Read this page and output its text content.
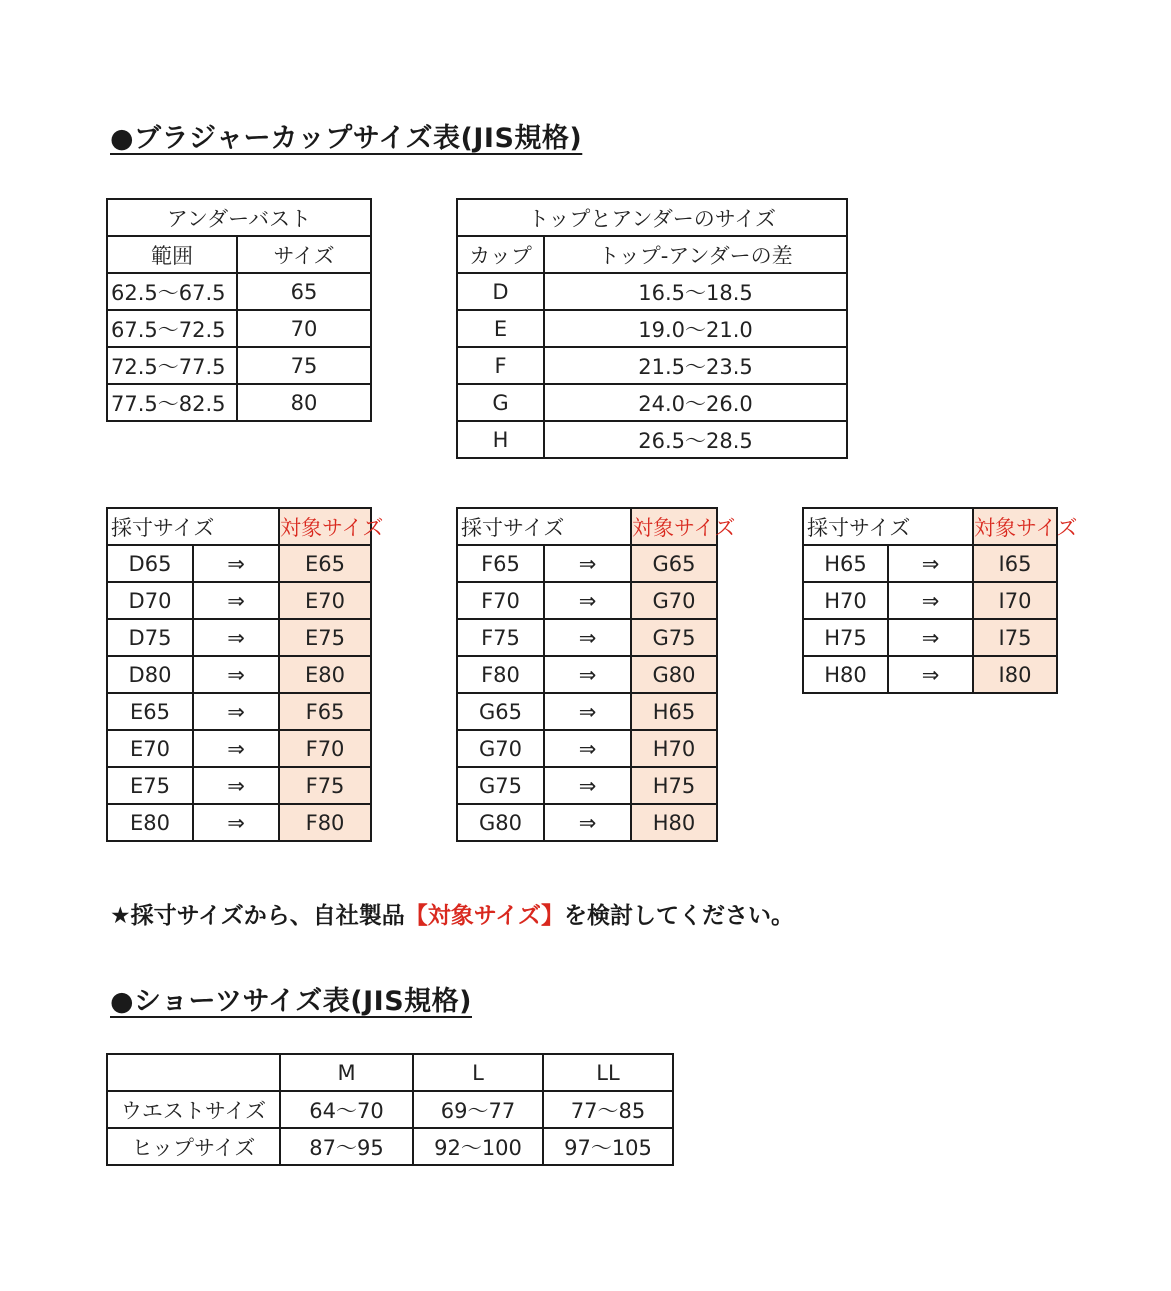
●ブラジャーカップサイズ表(JIS規格)
アンダーバスト	
範囲	サイズ
62.5〜67.5	65
67.5〜72.5	70
72.5〜77.5	75
77.5〜82.5	80
トップとアンダーのサイズ	
カップ	トップ-アンダーの差
D	16.5〜18.5
E	19.0〜21.0
F	21.5〜23.5
G	24.0〜26.0
H	26.5〜28.5
採寸サイズ		対象サイズ
D65	⇒	E65
D70	⇒	E70
D75	⇒	E75
D80	⇒	E80
E65	⇒	F65
E70	⇒	F70
E75	⇒	F75
E80	⇒	F80
採寸サイズ		対象サイズ
F65	⇒	G65
F70	⇒	G70
F75	⇒	G75
F80	⇒	G80
G65	⇒	H65
G70	⇒	H70
G75	⇒	H75
G80	⇒	H80
採寸サイズ		対象サイズ
H65	⇒	I65
H70	⇒	I70
H75	⇒	I75
H80	⇒	I80
★採寸サイズから、自社製品【対象サイズ】を検討してください。
●ショーツサイズ表(JIS規格)
	M	L	LL
ウエストサイズ	64〜70	69〜77	77〜85
ヒップサイズ	87〜95	92〜100	97〜105
